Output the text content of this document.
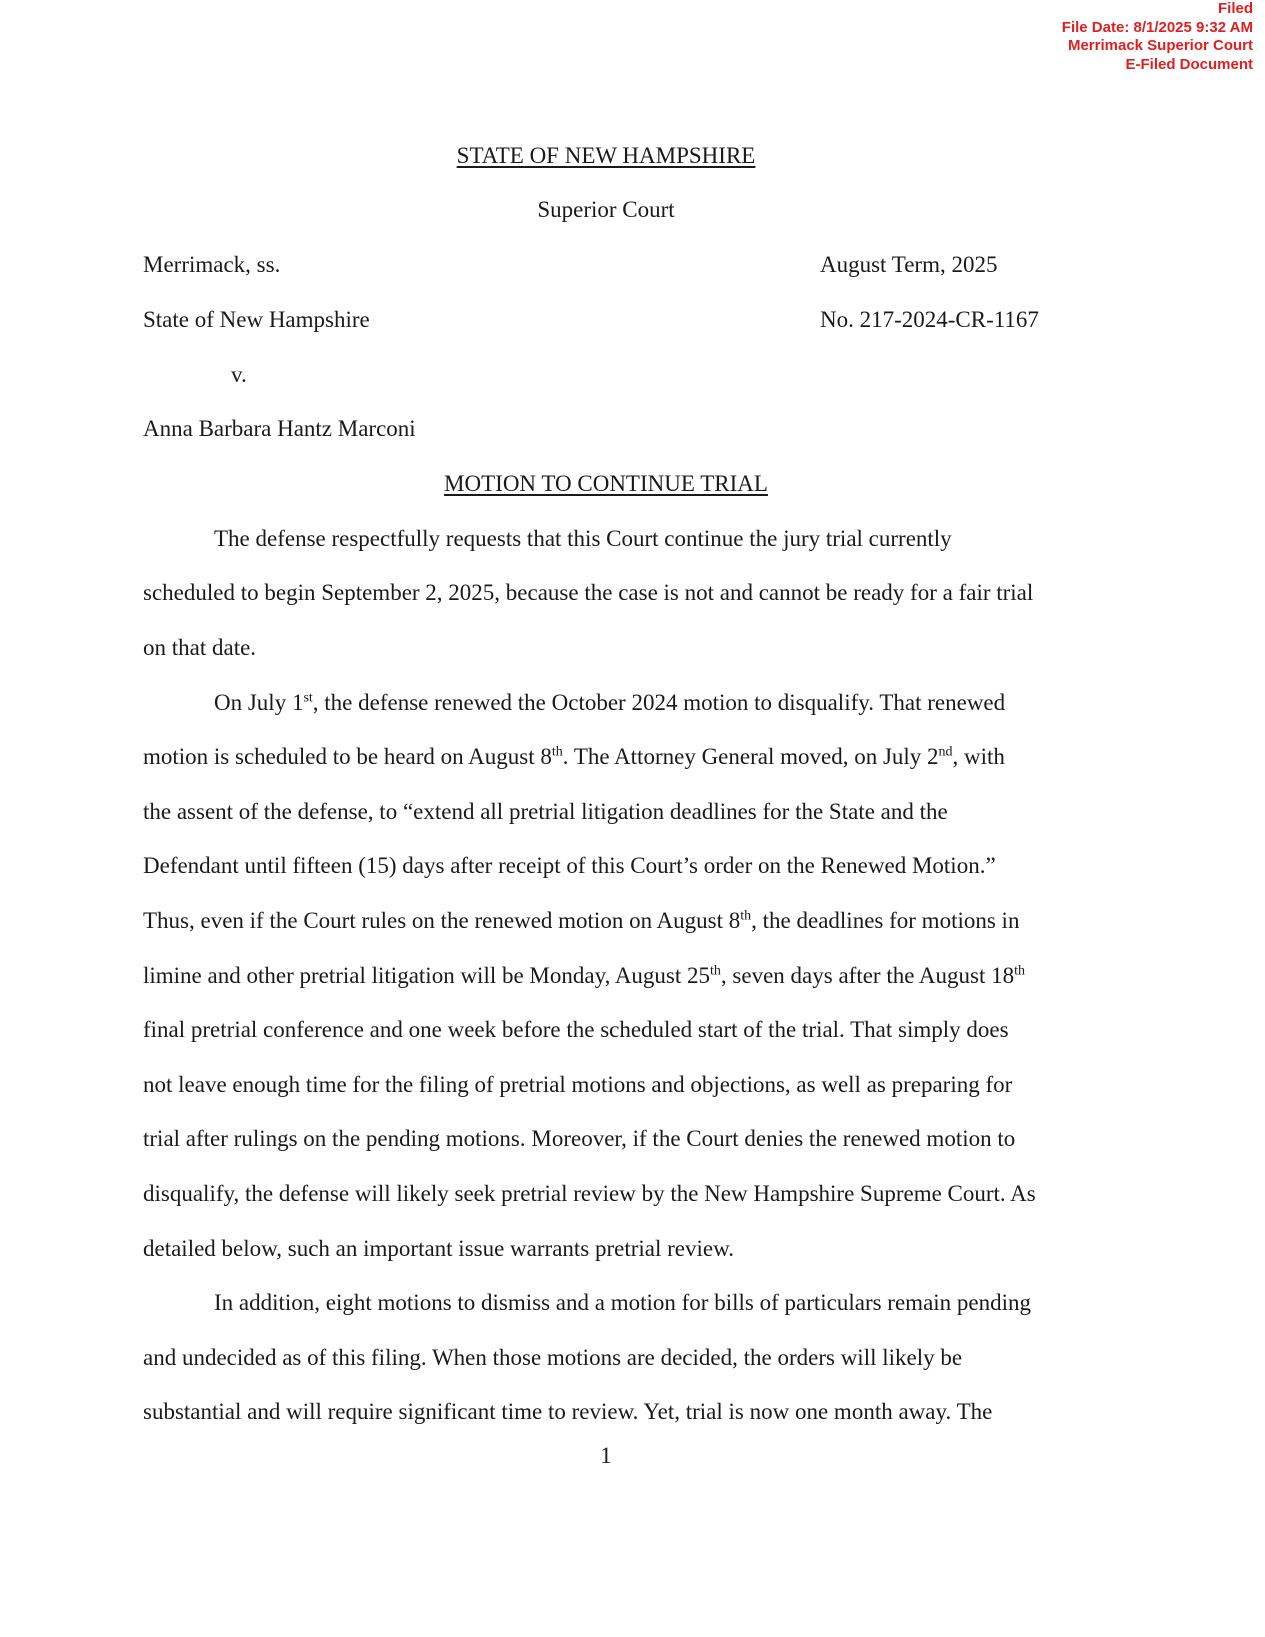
Filed
File Date: 8/1/2025 9:32 AM
Merrimack Superior Court
E-Filed Document
STATE OF NEW HAMPSHIRE
Superior Court
Merrimack, ss.	August Term, 2025
State of New Hampshire	No. 217-2024-CR-1167
v.
Anna Barbara Hantz Marconi
MOTION TO CONTINUE TRIAL
The defense respectfully requests that this Court continue the jury trial currently
scheduled to begin September 2, 2025, because the case is not and cannot be ready for a fair trial
on that date.
On July 1st, the defense renewed the October 2024 motion to disqualify. That renewed
motion is scheduled to be heard on August 8th. The Attorney General moved, on July 2nd, with
the assent of the defense, to “extend all pretrial litigation deadlines for the State and the
Defendant until fifteen (15) days after receipt of this Court’s order on the Renewed Motion.”
Thus, even if the Court rules on the renewed motion on August 8th, the deadlines for motions in
limine and other pretrial litigation will be Monday, August 25th, seven days after the August 18th
final pretrial conference and one week before the scheduled start of the trial. That simply does
not leave enough time for the filing of pretrial motions and objections, as well as preparing for
trial after rulings on the pending motions. Moreover, if the Court denies the renewed motion to
disqualify, the defense will likely seek pretrial review by the New Hampshire Supreme Court. As
detailed below, such an important issue warrants pretrial review.
In addition, eight motions to dismiss and a motion for bills of particulars remain pending
and undecided as of this filing. When those motions are decided, the orders will likely be
substantial and will require significant time to review. Yet, trial is now one month away. The
1
